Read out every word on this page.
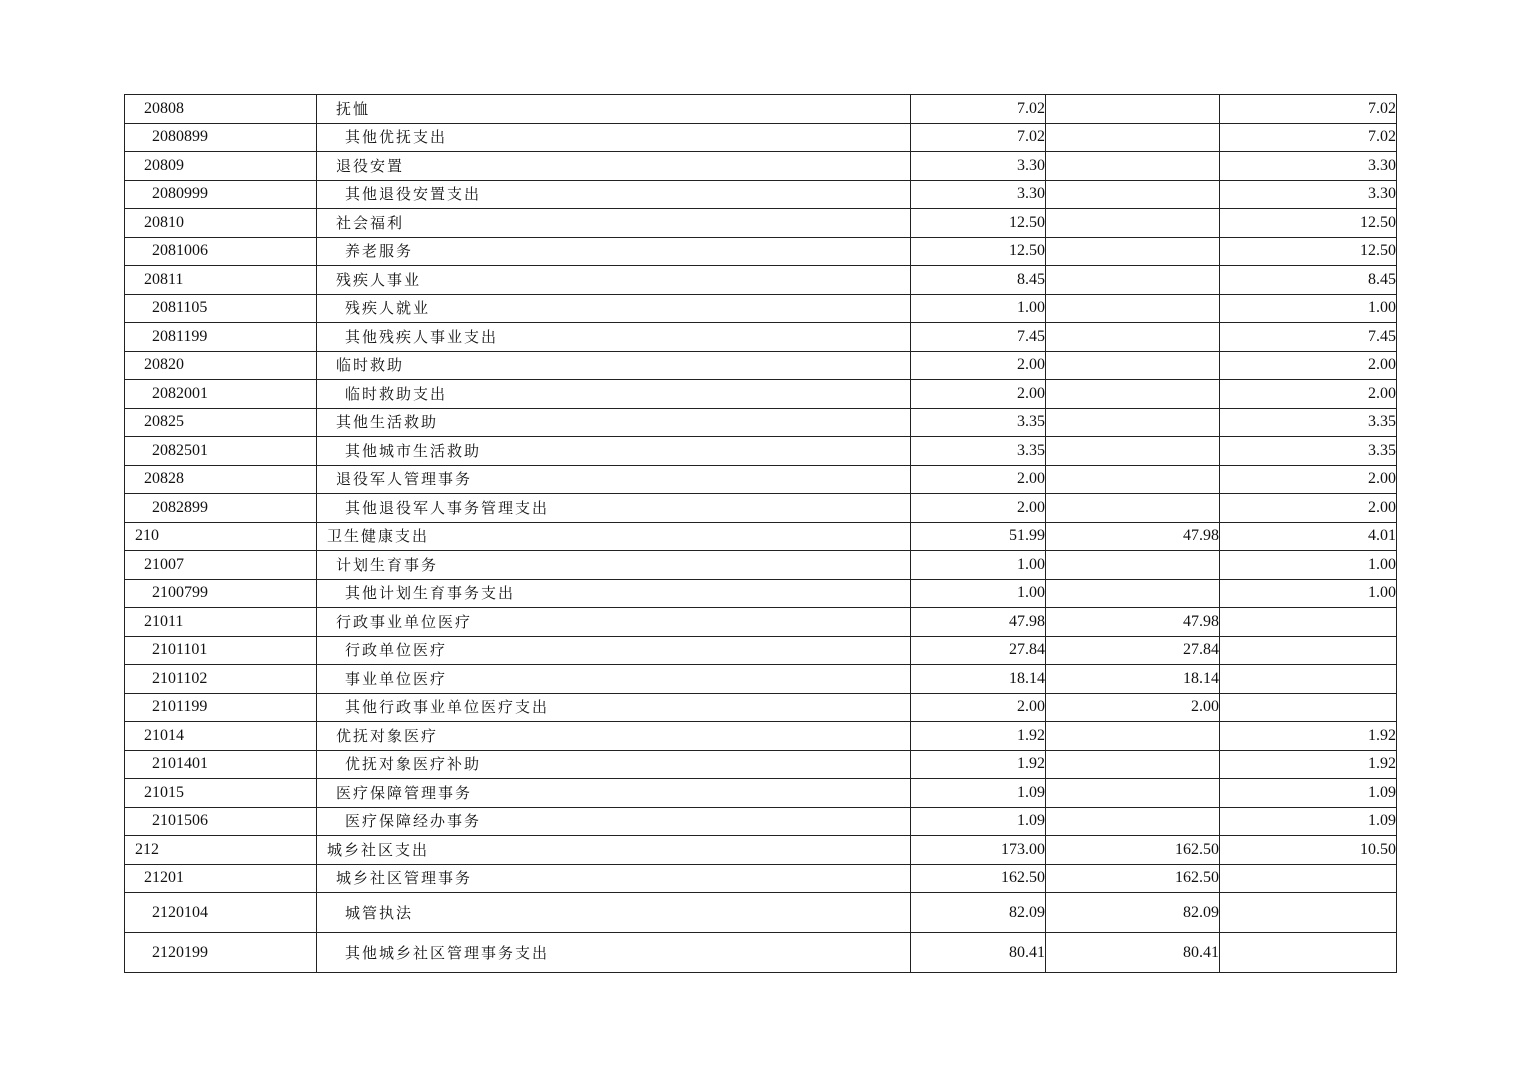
20808	抚恤	7.02		7.02
2080899	其他优抚支出	7.02		7.02
20809	退役安置	3.30		3.30
2080999	其他退役安置支出	3.30		3.30
20810	社会福利	12.50		12.50
2081006	养老服务	12.50		12.50
20811	残疾人事业	8.45		8.45
2081105	残疾人就业	1.00		1.00
2081199	其他残疾人事业支出	7.45		7.45
20820	临时救助	2.00		2.00
2082001	临时救助支出	2.00		2.00
20825	其他生活救助	3.35		3.35
2082501	其他城市生活救助	3.35		3.35
20828	退役军人管理事务	2.00		2.00
2082899	其他退役军人事务管理支出	2.00		2.00
210	卫生健康支出	51.99	47.98	4.01
21007	计划生育事务	1.00		1.00
2100799	其他计划生育事务支出	1.00		1.00
21011	行政事业单位医疗	47.98	47.98	
2101101	行政单位医疗	27.84	27.84	
2101102	事业单位医疗	18.14	18.14	
2101199	其他行政事业单位医疗支出	2.00	2.00	
21014	优抚对象医疗	1.92		1.92
2101401	优抚对象医疗补助	1.92		1.92
21015	医疗保障管理事务	1.09		1.09
2101506	医疗保障经办事务	1.09		1.09
212	城乡社区支出	173.00	162.50	10.50
21201	城乡社区管理事务	162.50	162.50	
2120104	城管执法	82.09	82.09	
2120199	其他城乡社区管理事务支出	80.41	80.41	
